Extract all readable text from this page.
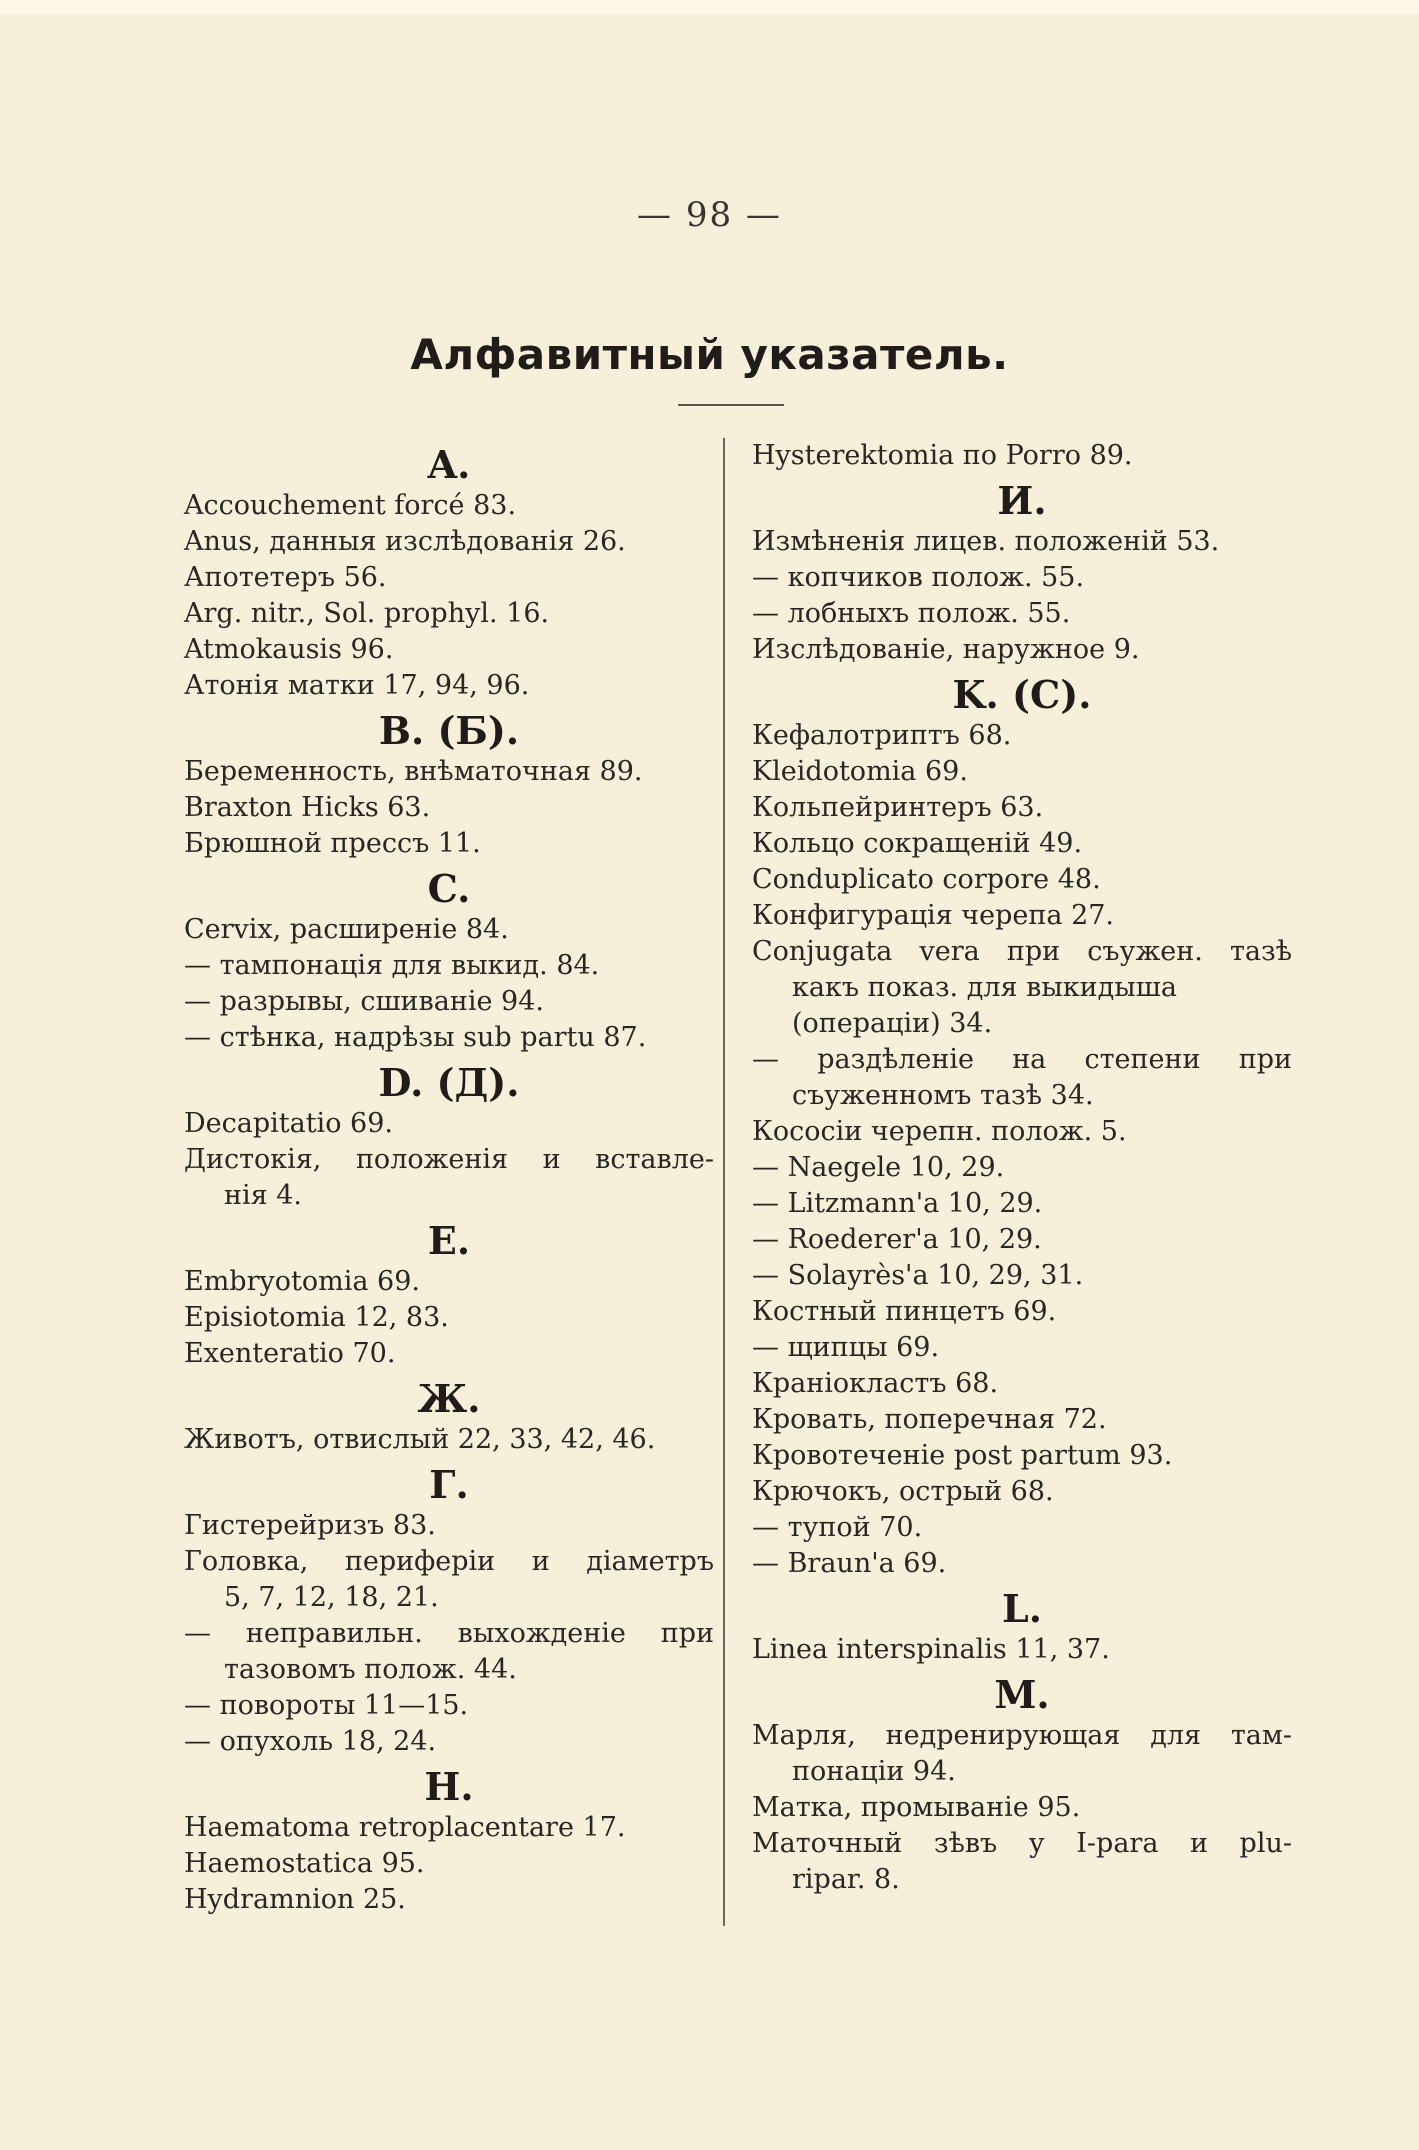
— 98 —
Алфавитный указатель.
A.
Accouchement forcé 83.
Anus, данныя изслѣдованія 26.
Апотетеръ 56.
Arg. nitr., Sol. prophyl. 16.
Atmokausis 96.
Атонія матки 17, 94, 96.
B. (Б).
Беременность, внѣматочная 89.
Braxton Hicks 63.
Брюшной прессъ 11.
C.
Cervix, расширеніе 84.
— тампонація для выкид. 84.
— разрывы, сшиваніе 94.
— стѣнка, надрѣзы sub partu 87.
D. (Д).
Decapitatio 69.
Дистокія, положенія и вставле-
нія 4.
E.
Embryotomia 69.
Episiotomia 12, 83.
Exenteratio 70.
Ж.
Животъ, отвислый 22, 33, 42, 46.
Г.
Гистерейризъ 83.
Головка, перифеpіи и діаметръ
5, 7, 12, 18, 21.
— неправильн. выхожденіе при
тазовомъ полож. 44.
— повороты 11—15.
— опухоль 18, 24.
H.
Haematoma retroplacentare 17.
Haemostatica 95.
Hydramnion 25.
Hysterektomia по Porro 89.
И.
Измѣненія лицев. положеній 53.
— копчиков полож. 55.
— лобныхъ полож. 55.
Изслѣдованіе, наружное 9.
K. (C).
Кефалотриптъ 68.
Kleidotomia 69.
Кольпейринтеръ 63.
Кольцо сокращеній 49.
Conduplicato corpore 48.
Конфигурація черепа 27.
Conjugata vera при съужен. тазѣ
какъ показ. для выкидыша
(операціи) 34.
— раздѣленіе на степени при
съуженномъ тазѣ 34.
Кососіи черепн. полож. 5.
— Naegele 10, 29.
— Litzmann'a 10, 29.
— Roederer'a 10, 29.
— Solayrès'a 10, 29, 31.
Костный пинцетъ 69.
— щипцы 69.
Краніокластъ 68.
Кровать, поперечная 72.
Кровотеченіе post partum 93.
Крючокъ, острый 68.
— тупой 70.
— Braun'a 69.
L.
Linea interspinalis 11, 37.
M.
Марля, недренирующая для там-
понаціи 94.
Матка, промываніе 95.
Маточный зѣвъ у I-para и plu-
ripar. 8.
